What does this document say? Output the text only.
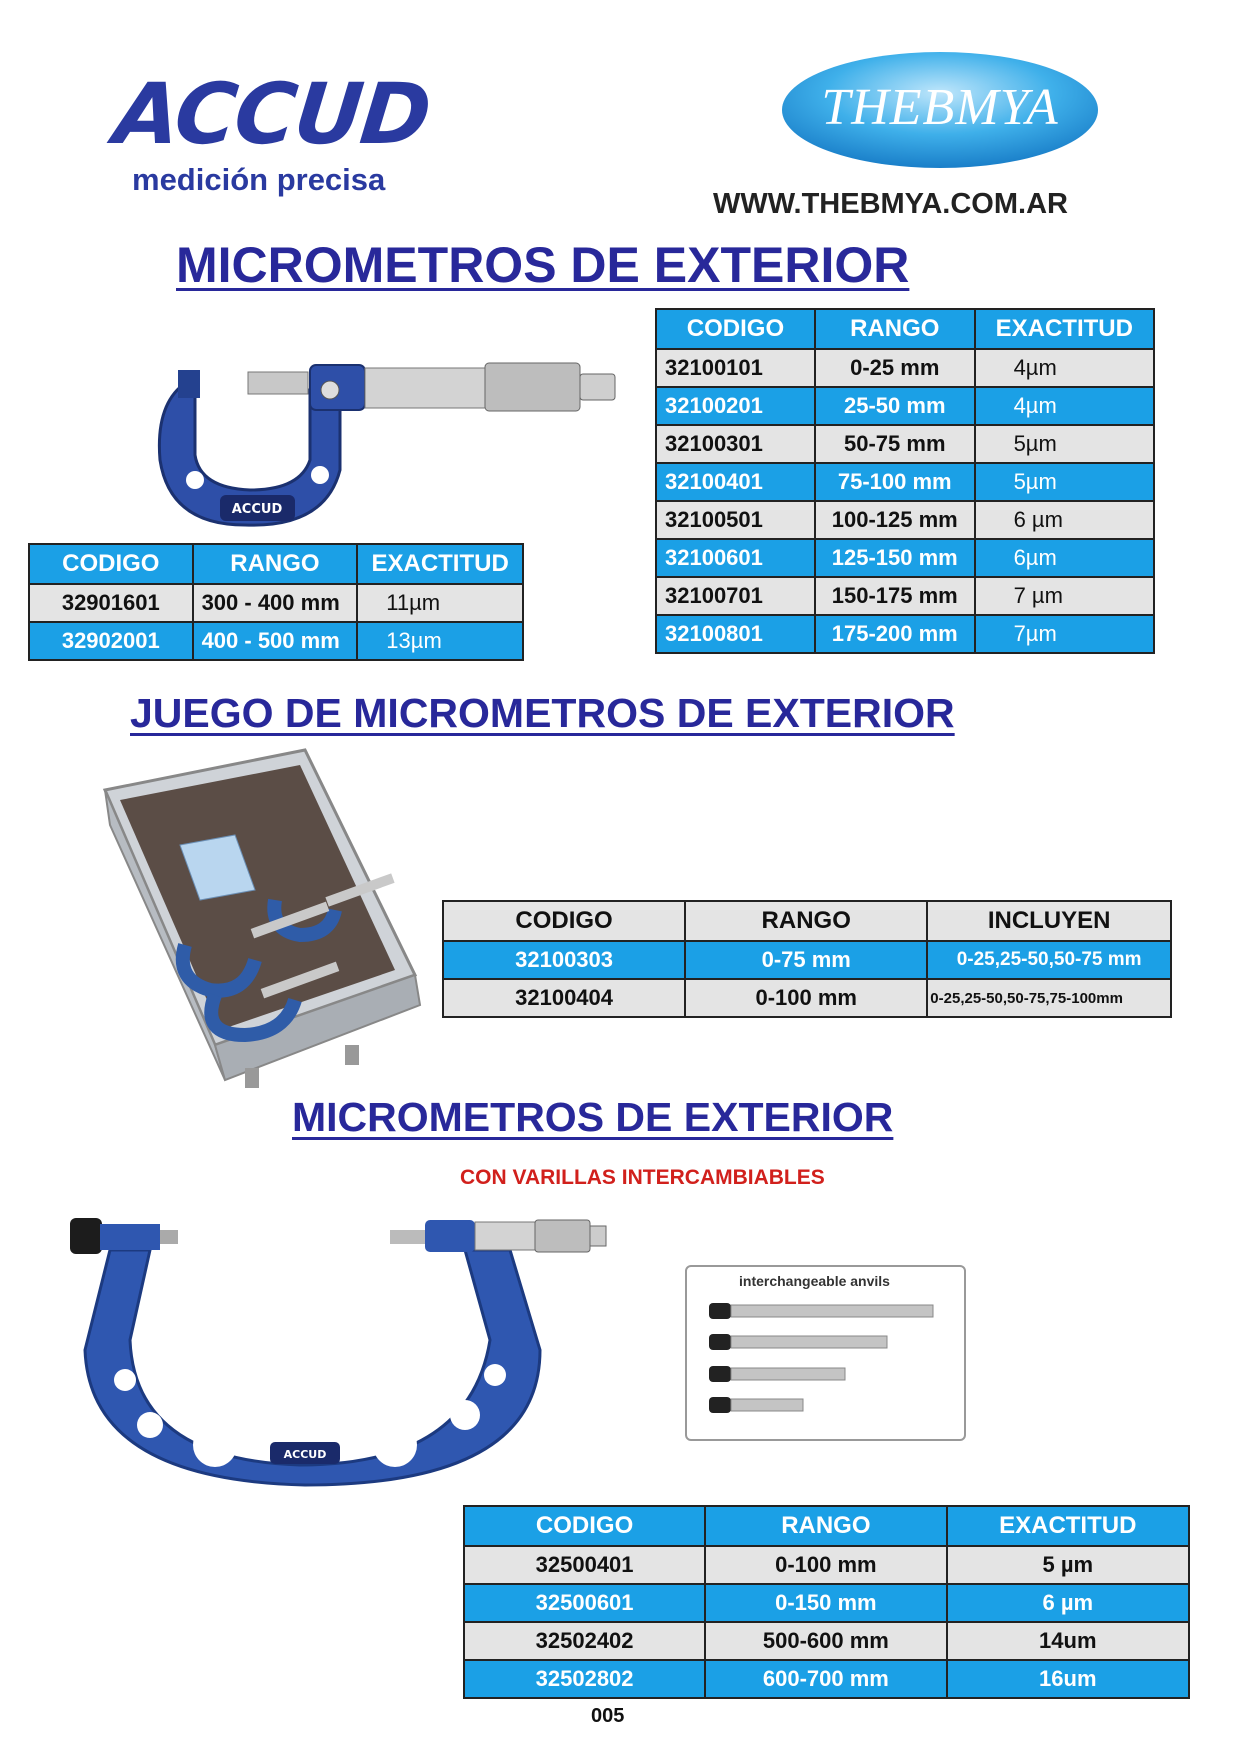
ACCUD
medición precisa
THEBMYA
WWW.THEBMYA.COM.AR
MICROMETROS DE EXTERIOR
ACCUD
CODIGO	RANGO	EXACTITUD
32100101	0-25 mm	4µm
32100201	25-50 mm	4µm
32100301	50-75 mm	5µm
32100401	75-100 mm	5µm
32100501	100-125 mm	6 µm
32100601	125-150 mm	6µm
32100701	150-175 mm	7 µm
32100801	175-200 mm	7µm
CODIGO	RANGO	EXACTITUD
32901601	300 - 400 mm	11µm
32902001	400 - 500 mm	13µm
JUEGO DE MICROMETROS DE EXTERIOR
CODIGO	RANGO	INCLUYEN
32100303	0-75 mm	0-25,25-50,50-75 mm
32100404	0-100 mm	0-25,25-50,50-75,75-100mm
MICROMETROS DE EXTERIOR
CON VARILLAS INTERCAMBIABLES
ACCUD
interchangeable anvils
CODIGO	RANGO	EXACTITUD
32500401	0-100 mm	5 µm
32500601	0-150 mm	6 µm
32502402	500-600 mm	14um
32502802	600-700 mm	16um
005
